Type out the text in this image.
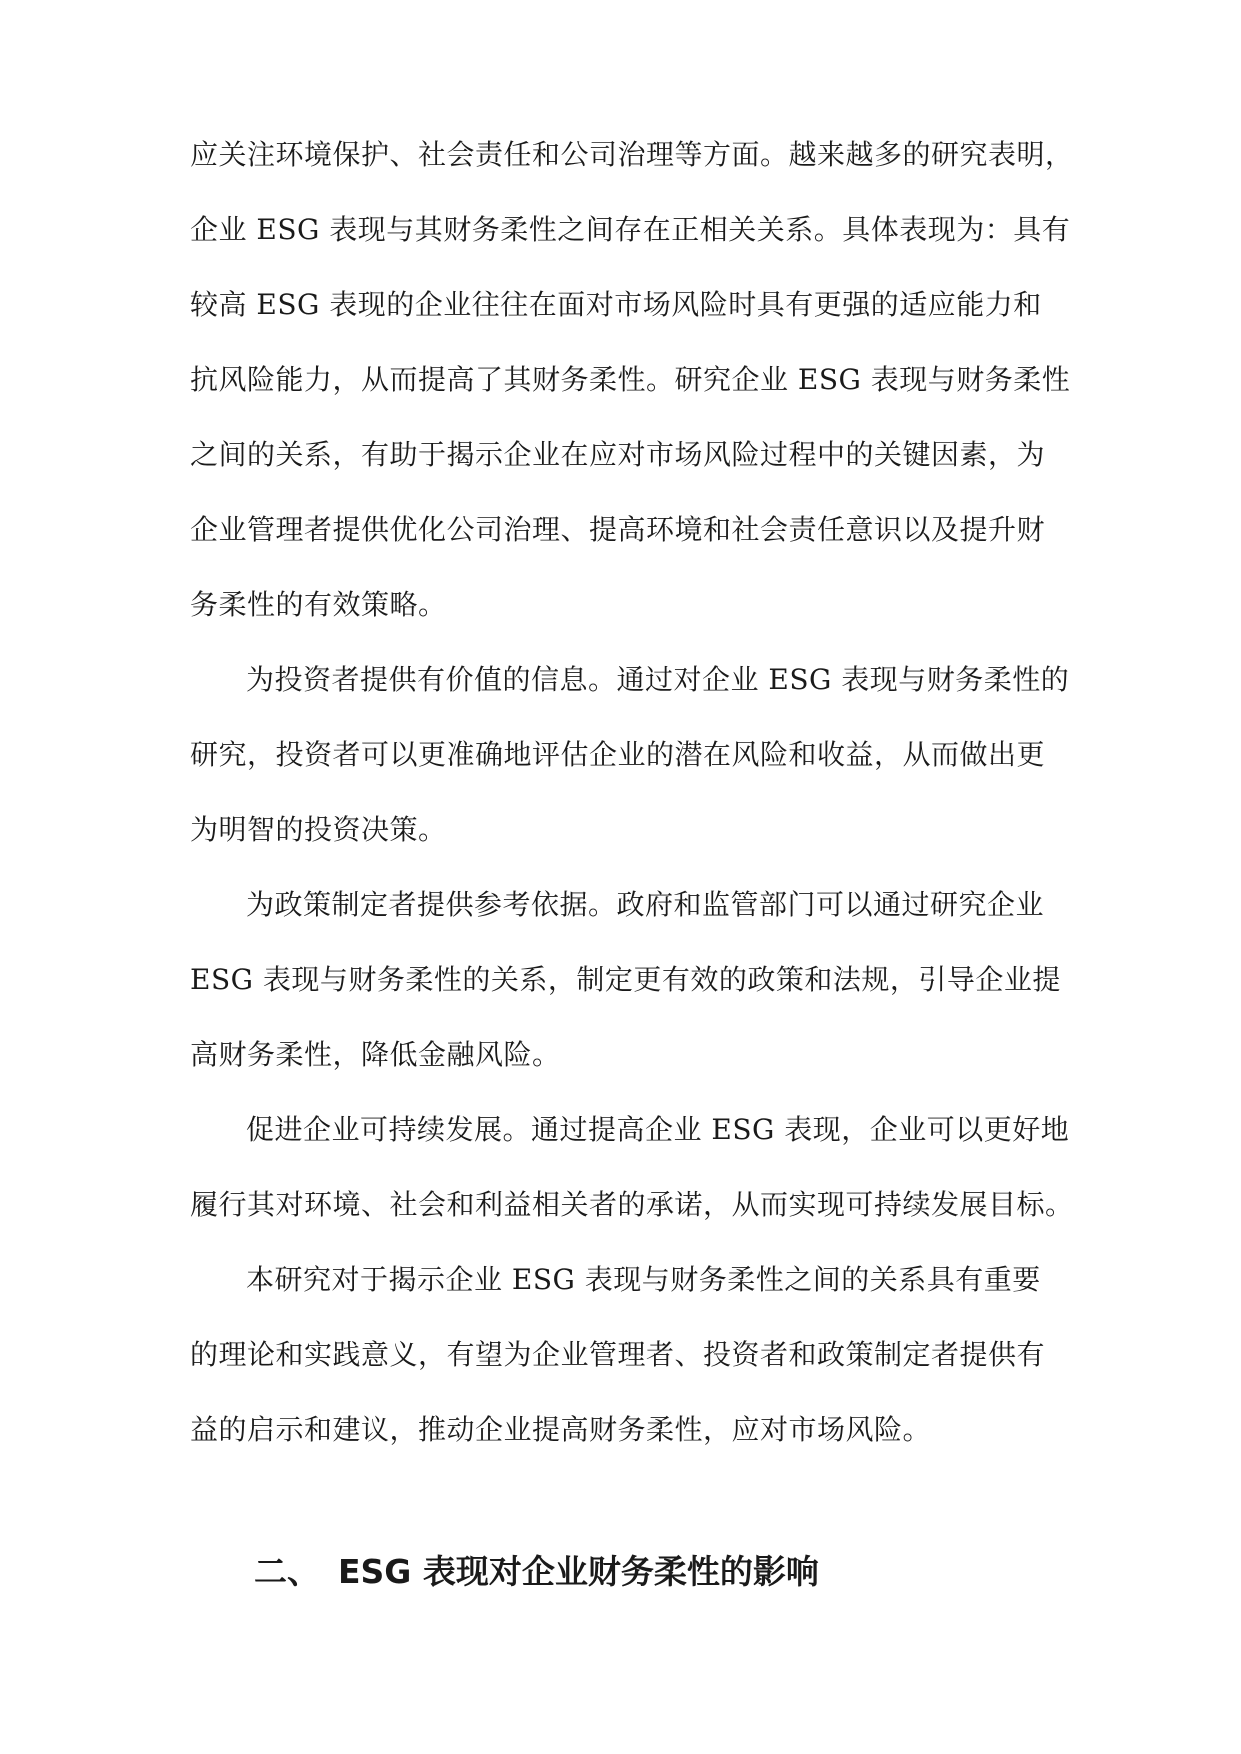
应关注环境保护、社会责任和公司治理等方面。越来越多的研究表明，
企业 ESG 表现与其财务柔性之间存在正相关关系。具体表现为：具有
较高 ESG 表现的企业往往在面对市场风险时具有更强的适应能力和
抗风险能力，从而提高了其财务柔性。研究企业 ESG 表现与财务柔性
之间的关系，有助于揭示企业在应对市场风险过程中的关键因素，为
企业管理者提供优化公司治理、提高环境和社会责任意识以及提升财
务柔性的有效策略。
为投资者提供有价值的信息。通过对企业 ESG 表现与财务柔性的
研究，投资者可以更准确地评估企业的潜在风险和收益，从而做出更
为明智的投资决策。
为政策制定者提供参考依据。政府和监管部门可以通过研究企业
ESG 表现与财务柔性的关系，制定更有效的政策和法规，引导企业提
高财务柔性，降低金融风险。
促进企业可持续发展。通过提高企业 ESG 表现，企业可以更好地
履行其对环境、社会和利益相关者的承诺，从而实现可持续发展目标。
本研究对于揭示企业 ESG 表现与财务柔性之间的关系具有重要
的理论和实践意义，有望为企业管理者、投资者和政策制定者提供有
益的启示和建议，推动企业提高财务柔性，应对市场风险。
二、 ESG 表现对企业财务柔性的影响
